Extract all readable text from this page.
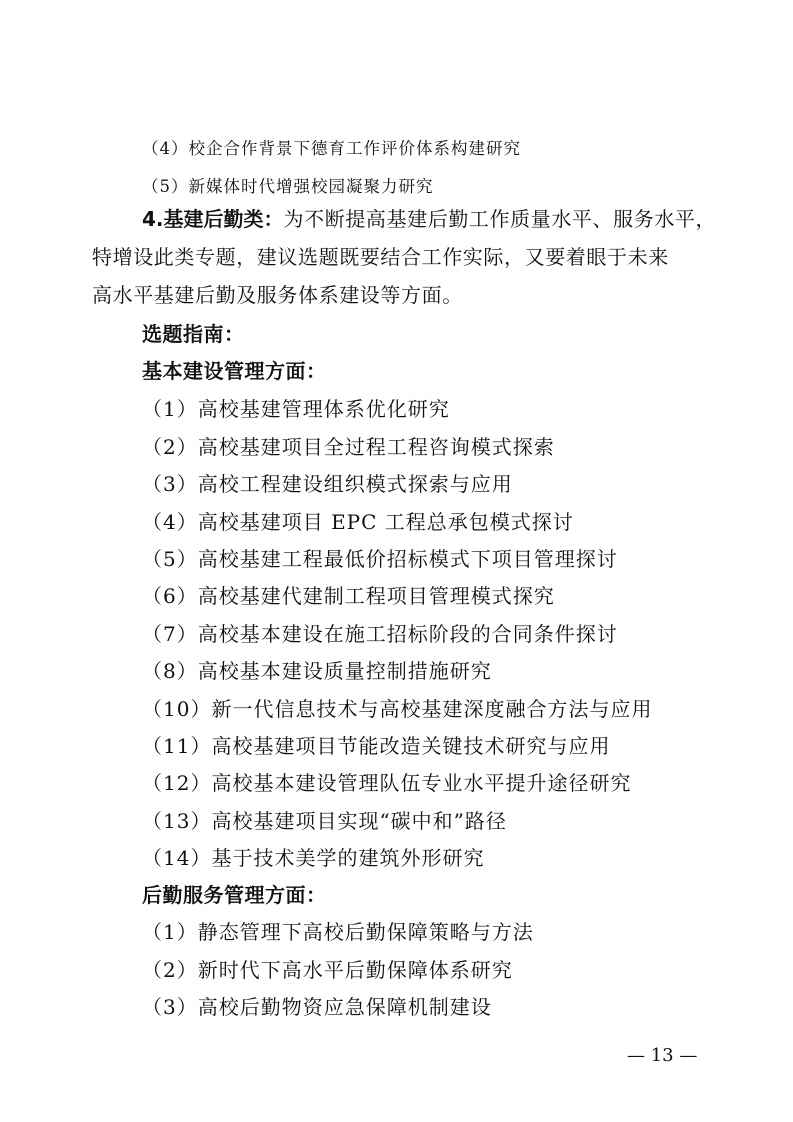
（4）校企合作背景下德育工作评价体系构建研究
（5）新媒体时代增强校园凝聚力研究
4.基建后勤类：为不断提高基建后勤工作质量水平、服务水平，
特增设此类专题，建议选题既要结合工作实际，又要着眼于未来
高水平基建后勤及服务体系建设等方面。
选题指南：
基本建设管理方面：
（1）高校基建管理体系优化研究
（2）高校基建项目全过程工程咨询模式探索
（3）高校工程建设组织模式探索与应用
（4）高校基建项目 EPC 工程总承包模式探讨
（5）高校基建工程最低价招标模式下项目管理探讨
（6）高校基建代建制工程项目管理模式探究
（7）高校基本建设在施工招标阶段的合同条件探讨
（8）高校基本建设质量控制措施研究
（10）新一代信息技术与高校基建深度融合方法与应用
（11）高校基建项目节能改造关键技术研究与应用
（12）高校基本建设管理队伍专业水平提升途径研究
（13）高校基建项目实现“碳中和”路径
（14）基于技术美学的建筑外形研究
后勤服务管理方面：
（1）静态管理下高校后勤保障策略与方法
（2）新时代下高水平后勤保障体系研究
（3）高校后勤物资应急保障机制建设
— 13 —
